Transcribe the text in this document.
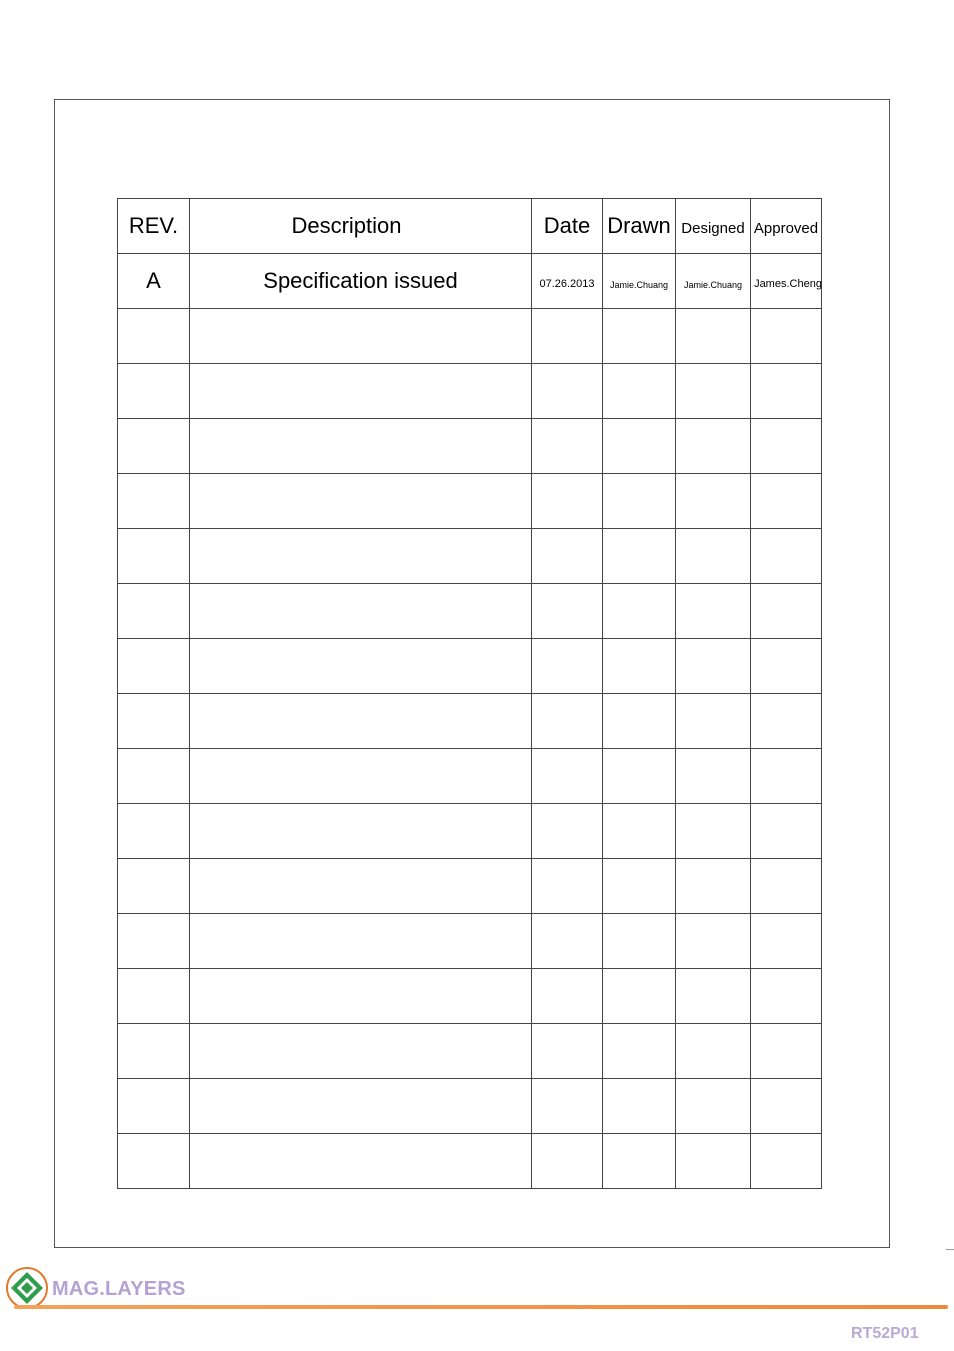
REV.	Description	Date	Drawn	Designed	Approved
A	Specification issued	07.26.2013	Jamie.Chuang	Jamie.Chuang	James.Cheng

MAG.LAYERS
RT52P01
